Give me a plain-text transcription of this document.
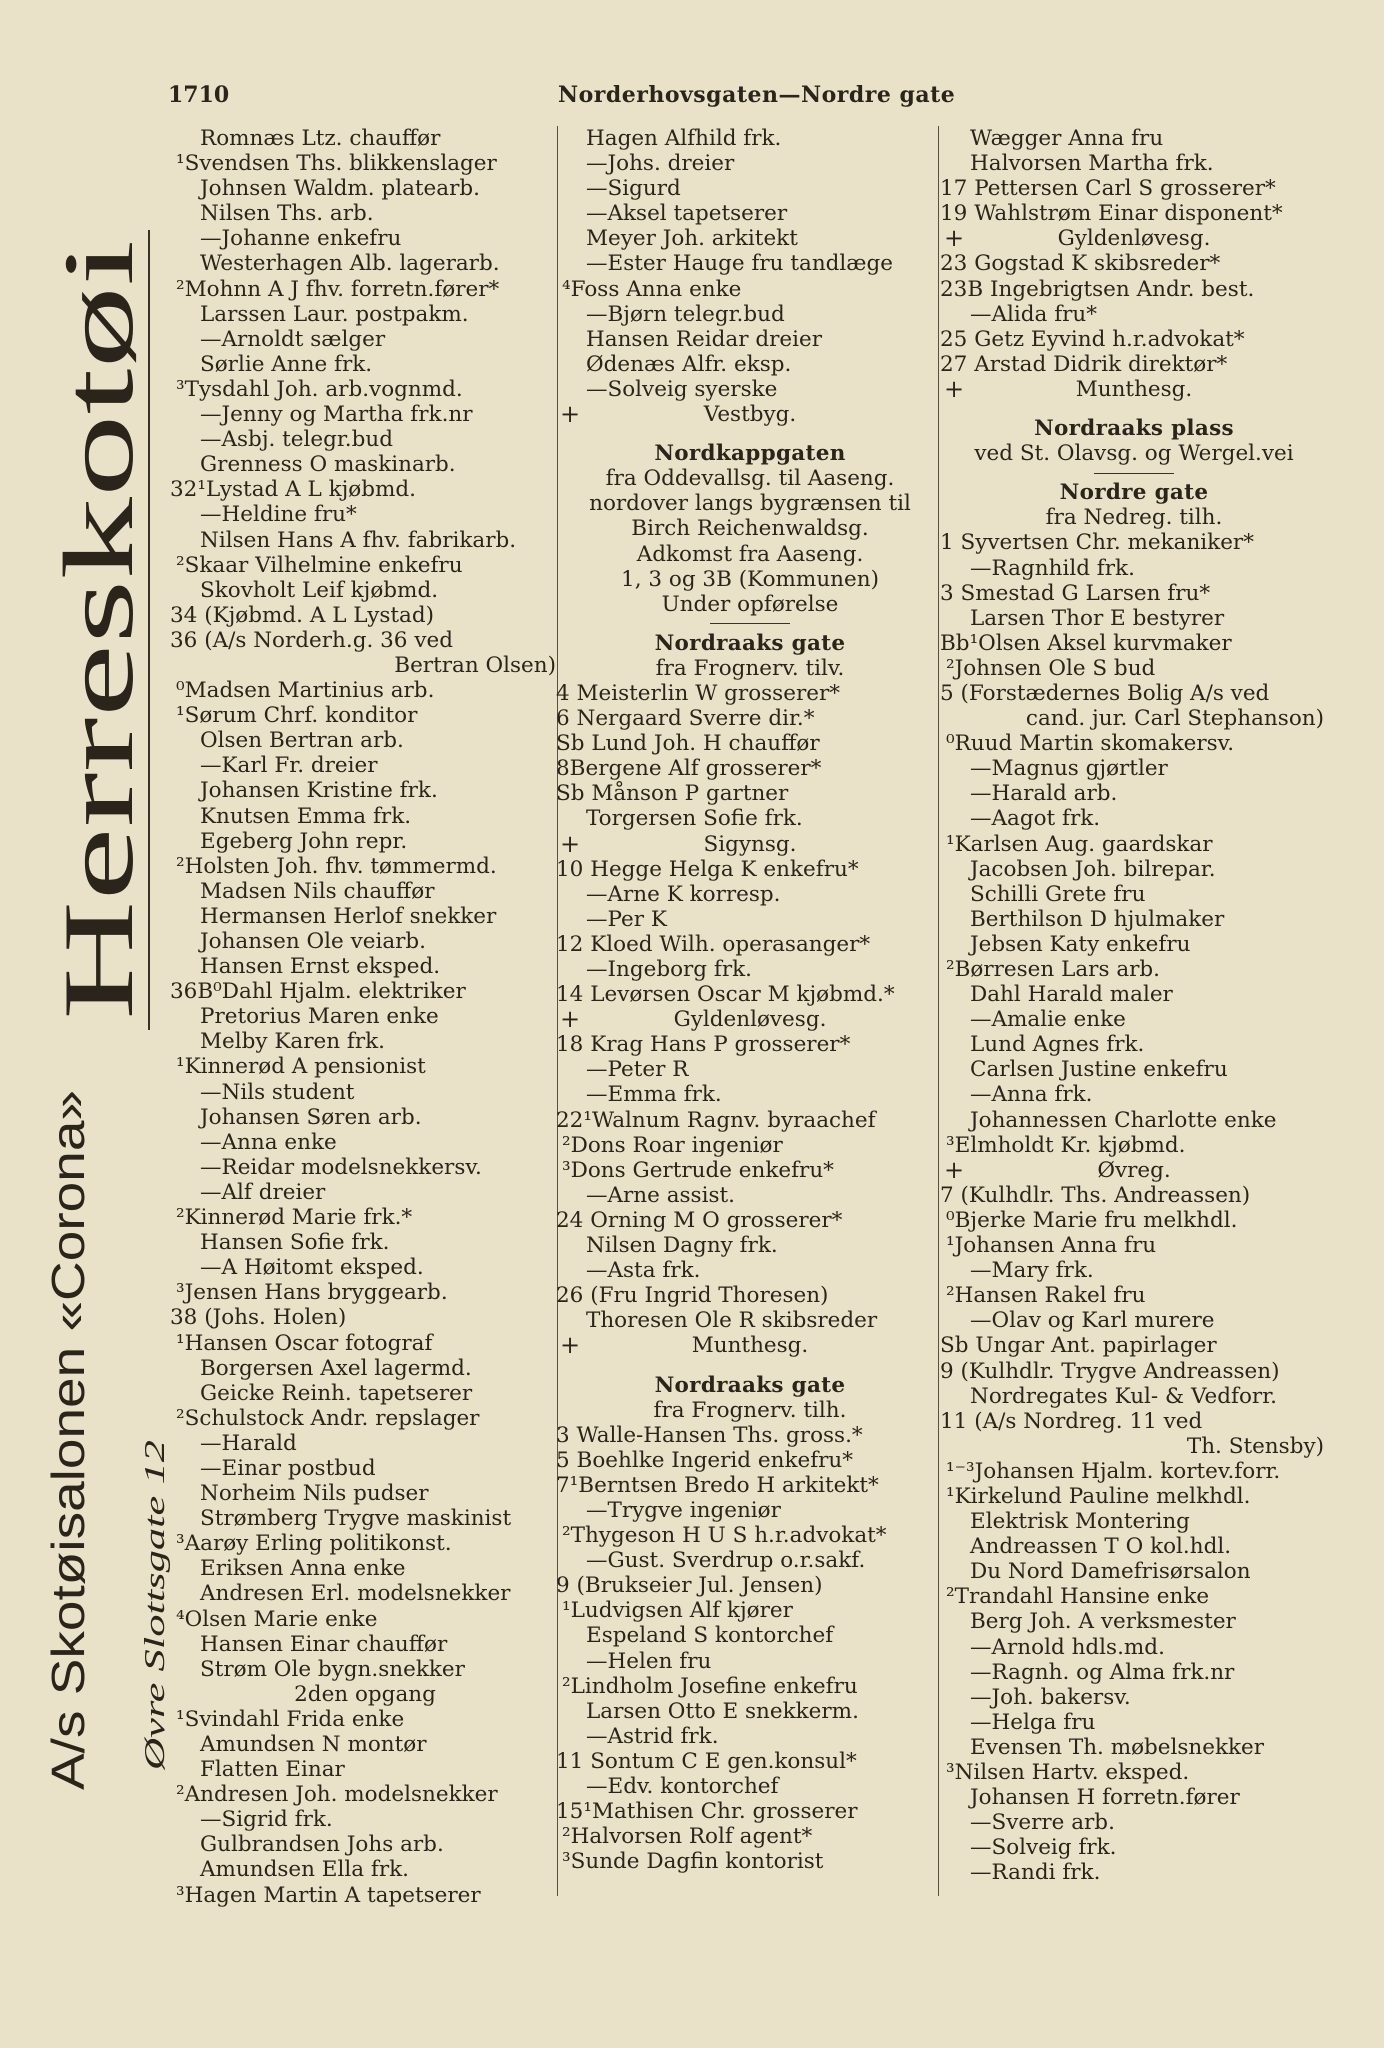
1710	Norderhovsgaten—Nordre gate
A/s Skotøisalonen «Corona» Øvre Slottsgate 12
Herreskotøi
Romnæs Ltz. chauffør
¹Svendsen Ths. blikkenslager
Johnsen Waldm. platearb.
Nilsen Ths. arb.
—Johanne enkefru
Westerhagen Alb. lagerarb.
²Mohnn A J fhv. forretn.fører*
Larssen Laur. postpakm.
—Arnoldt sælger
Sørlie Anne frk.
³Tysdahl Joh. arb.vognmd.
—Jenny og Martha frk.nr
—Asbj. telegr.bud
Grenness O maskinarb.
32¹Lystad A L kjøbmd.
—Heldine fru*
Nilsen Hans A fhv. fabrikarb.
²Skaar Vilhelmine enkefru
Skovholt Leif kjøbmd.
34 (Kjøbmd. A L Lystad)
36 (A/s Norderh.g. 36 ved
Bertran Olsen)
⁰Madsen Martinius arb.
¹Sørum Chrf. konditor
Olsen Bertran arb.
—Karl Fr. dreier
Johansen Kristine frk.
Knutsen Emma frk.
Egeberg John repr.
²Holsten Joh. fhv. tømmermd.
Madsen Nils chauffør
Hermansen Herlof snekker
Johansen Ole veiarb.
Hansen Ernst eksped.
36B⁰Dahl Hjalm. elektriker
Pretorius Maren enke
Melby Karen frk.
¹Kinnerød A pensionist
—Nils student
Johansen Søren arb.
—Anna enke
—Reidar modelsnekkersv.
—Alf dreier
²Kinnerød Marie frk.*
Hansen Sofie frk.
—A Høitomt eksped.
³Jensen Hans bryggearb.
38 (Johs. Holen)
¹Hansen Oscar fotograf
Borgersen Axel lagermd.
Geicke Reinh. tapetserer
²Schulstock Andr. repslager
—Harald
—Einar postbud
Norheim Nils pudser
Strømberg Trygve maskinist
³Aarøy Erling politikonst.
Eriksen Anna enke
Andresen Erl. modelsnekker
⁴Olsen Marie enke
Hansen Einar chauffør
Strøm Ole bygn.snekker
2den opgang
¹Svindahl Frida enke
Amundsen N montør
Flatten Einar
²Andresen Joh. modelsnekker
—Sigrid frk.
Gulbrandsen Johs arb.
Amundsen Ella frk.
³Hagen Martin A tapetserer
Hagen Alfhild frk.
—Johs. dreier
—Sigurd
—Aksel tapetserer
Meyer Joh. arkitekt
—Ester Hauge fru tandlæge
⁴Foss Anna enke
—Bjørn telegr.bud
Hansen Reidar dreier
Ødenæs Alfr. eksp.
—Solveig syerske
+	Vestbyg.
Nordkappgaten
fra Oddevallsg. til Aaseng.
nordover langs bygrænsen til
Birch Reichenwaldsg.
Adkomst fra Aaseng.
1, 3 og 3B (Kommunen)
Under opførelse
Nordraaks gate
fra Frognerv. tilv.
4 Meisterlin W grosserer*
6 Nergaard Sverre dir.*
Sb Lund Joh. H chauffør
8Bergene Alf grosserer*
Sb Månson P gartner
Torgersen Sofie frk.
+	Sigynsg.
10 Hegge Helga K enkefru*
—Arne K korresp.
—Per K
12 Kloed Wilh. operasanger*
—Ingeborg frk.
14 Levørsen Oscar M kjøbmd.*
+	Gyldenløvesg.
18 Krag Hans P grosserer*
—Peter R
—Emma frk.
22¹Walnum Ragnv. byraachef
²Dons Roar ingeniør
³Dons Gertrude enkefru*
—Arne assist.
24 Orning M O grosserer*
Nilsen Dagny frk.
—Asta frk.
26 (Fru Ingrid Thoresen)
Thoresen Ole R skibsreder
+	Munthesg.
Nordraaks gate
fra Frognerv. tilh.
3 Walle-Hansen Ths. gross.*
5 Boehlke Ingerid enkefru*
7¹Berntsen Bredo H arkitekt*
—Trygve ingeniør
²Thygeson H U S h.r.advokat*
—Gust. Sverdrup o.r.sakf.
9 (Brukseier Jul. Jensen)
¹Ludvigsen Alf kjører
Espeland S kontorchef
—Helen fru
²Lindholm Josefine enkefru
Larsen Otto E snekkerm.
—Astrid frk.
11 Sontum C E gen.konsul*
—Edv. kontorchef
15¹Mathisen Chr. grosserer
²Halvorsen Rolf agent*
³Sunde Dagfin kontorist
Wægger Anna fru
Halvorsen Martha frk.
17 Pettersen Carl S grosserer*
19 Wahlstrøm Einar disponent*
+	Gyldenløvesg.
23 Gogstad K skibsreder*
23B Ingebrigtsen Andr. best.
—Alida fru*
25 Getz Eyvind h.r.advokat*
27 Arstad Didrik direktør*
+	Munthesg.
Nordraaks plass
ved St. Olavsg. og Wergel.vei
Nordre gate
fra Nedreg. tilh.
1 Syvertsen Chr. mekaniker*
—Ragnhild frk.
3 Smestad G Larsen fru*
Larsen Thor E bestyrer
Bb¹Olsen Aksel kurvmaker
²Johnsen Ole S bud
5 (Forstædernes Bolig A/s ved
cand. jur. Carl Stephanson)
⁰Ruud Martin skomakersv.
—Magnus gjørtler
—Harald arb.
—Aagot frk.
¹Karlsen Aug. gaardskar
Jacobsen Joh. bilrepar.
Schilli Grete fru
Berthilson D hjulmaker
Jebsen Katy enkefru
²Børresen Lars arb.
Dahl Harald maler
—Amalie enke
Lund Agnes frk.
Carlsen Justine enkefru
—Anna frk.
Johannessen Charlotte enke
³Elmholdt Kr. kjøbmd.
+	Øvreg.
7 (Kulhdlr. Ths. Andreassen)
⁰Bjerke Marie fru melkhdl.
¹Johansen Anna fru
—Mary frk.
²Hansen Rakel fru
—Olav og Karl murere
Sb Ungar Ant. papirlager
9 (Kulhdlr. Trygve Andreassen)
Nordregates Kul- & Vedforr.
11 (A/s Nordreg. 11 ved
Th. Stensby)
¹⁻³Johansen Hjalm. kortev.forr.
¹Kirkelund Pauline melkhdl.
Elektrisk Montering
Andreassen T O kol.hdl.
Du Nord Damefrisørsalon
²Trandahl Hansine enke
Berg Joh. A verksmester
—Arnold hdls.md.
—Ragnh. og Alma frk.nr
—Joh. bakersv.
—Helga fru
Evensen Th. møbelsnekker
³Nilsen Hartv. eksped.
Johansen H forretn.fører
—Sverre arb.
—Solveig frk.
—Randi frk.
